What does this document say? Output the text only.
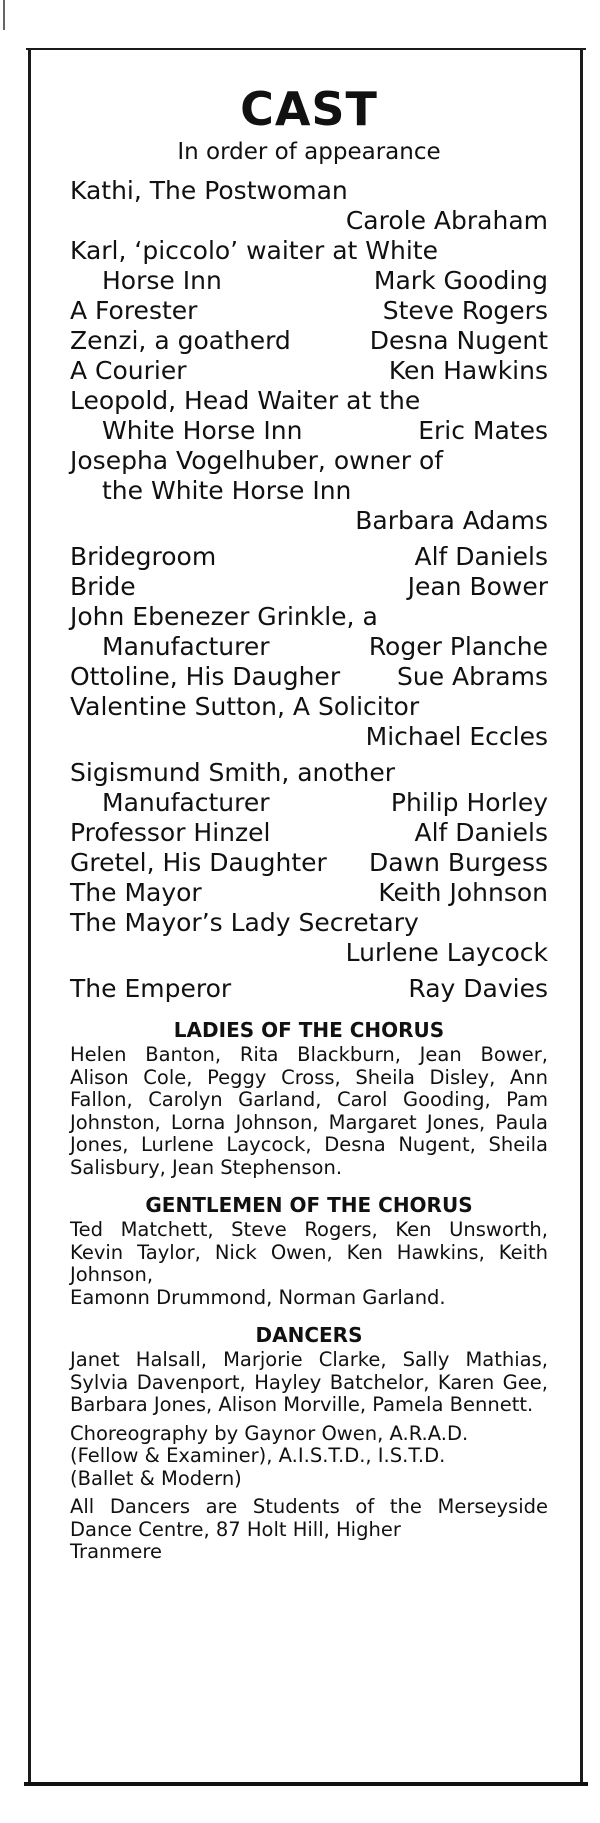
CAST
In order of appearance
Kathi, The Postwoman
Carole Abraham
Karl, ‘piccolo’ waiter at White
Horse Inn	Mark Gooding
A Forester	Steve Rogers
Zenzi, a goatherd	Desna Nugent
A Courier	Ken Hawkins
Leopold, Head Waiter at the
White Horse Inn	Eric Mates
Josepha Vogelhuber, owner of
the White Horse Inn
Barbara Adams
Bridegroom	Alf Daniels
Bride	Jean Bower
John Ebenezer Grinkle, a
Manufacturer	Roger Planche
Ottoline, His Daugher Sue Abrams
Valentine Sutton, A Solicitor
Michael Eccles
Sigismund Smith, another
Manufacturer	Philip Horley
Professor Hinzel	Alf Daniels
Gretel, His Daughter Dawn Burgess
The Mayor	Keith Johnson
The Mayor’s Lady Secretary
Lurlene Laycock
The Emperor	Ray Davies
LADIES OF THE CHORUS

Helen Banton, Rita Blackburn, Jean Bower, Alison Cole, Peggy Cross, Sheila Disley, Ann Fallon, Carolyn Garland, Carol Gooding, Pam Johnston, Lorna Johnson, Margaret Jones, Paula Jones, Lurlene Laycock, Desna Nugent, Sheila Salisbury, Jean Stephenson.

GENTLEMEN OF THE CHORUS

Ted Matchett, Steve Rogers, Ken Unsworth, Kevin Taylor, Nick Owen, Ken Hawkins, Keith Johnson,

Eamonn Drummond, Norman Garland.

DANCERS

Janet Halsall, Marjorie Clarke, Sally Mathias, Sylvia Davenport, Hayley Batchelor, Karen Gee, Barbara Jones, Alison Morville, Pamela Bennett.

Choreography by Gaynor Owen, A.R.A.D.
(Fellow & Examiner), A.I.S.T.D., I.S.T.D.
(Ballet & Modern)

All Dancers are Students of the Merseyside Dance Centre, 87 Holt Hill, Higher

Tranmere
